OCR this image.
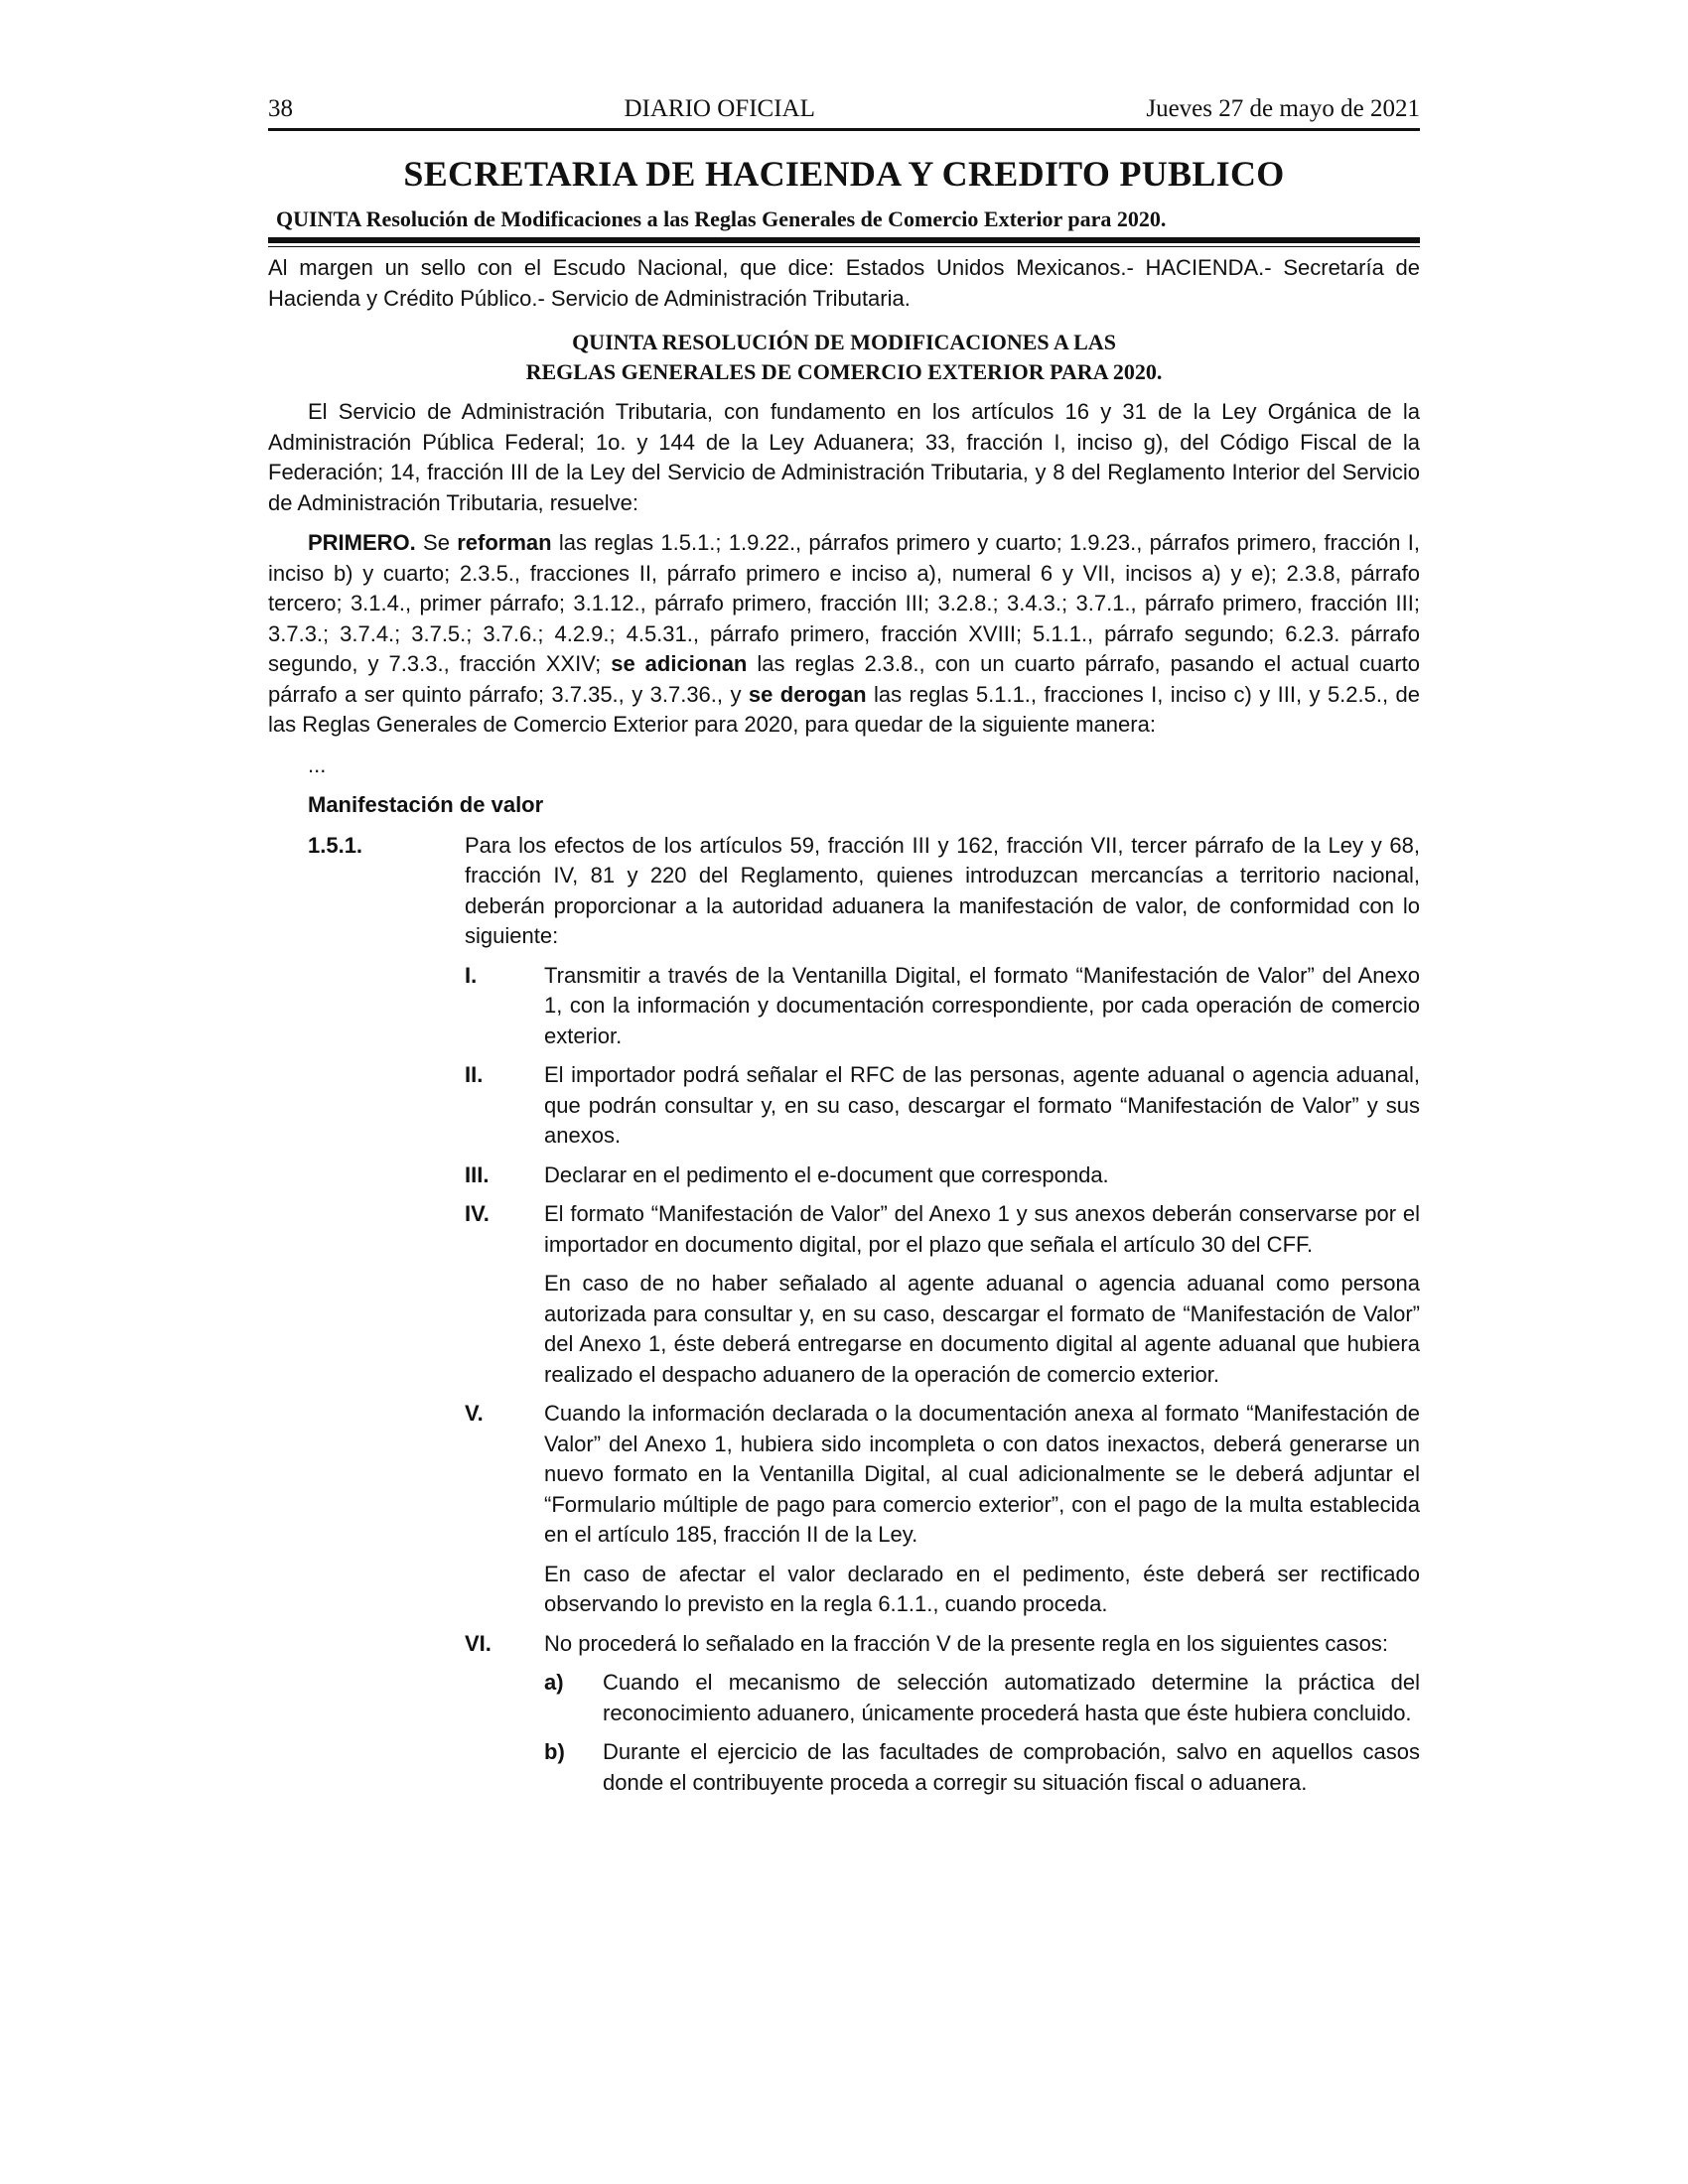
38	DIARIO OFICIAL	Jueves 27 de mayo de 2021
SECRETARIA DE HACIENDA Y CREDITO PUBLICO
QUINTA Resolución de Modificaciones a las Reglas Generales de Comercio Exterior para 2020.

Al margen un sello con el Escudo Nacional, que dice: Estados Unidos Mexicanos.- HACIENDA.- Secretaría de Hacienda y Crédito Público.- Servicio de Administración Tributaria.

QUINTA RESOLUCIÓN DE MODIFICACIONES A LAS
REGLAS GENERALES DE COMERCIO EXTERIOR PARA 2020.

El Servicio de Administración Tributaria, con fundamento en los artículos 16 y 31 de la Ley Orgánica de la Administración Pública Federal; 1o. y 144 de la Ley Aduanera; 33, fracción I, inciso g), del Código Fiscal de la Federación; 14, fracción III de la Ley del Servicio de Administración Tributaria, y 8 del Reglamento Interior del Servicio de Administración Tributaria, resuelve:

PRIMERO. Se reforman las reglas 1.5.1.; 1.9.22., párrafos primero y cuarto; 1.9.23., párrafos primero, fracción I, inciso b) y cuarto; 2.3.5., fracciones II, párrafo primero e inciso a), numeral 6 y VII, incisos a) y e); 2.3.8, párrafo tercero; 3.1.4., primer párrafo; 3.1.12., párrafo primero, fracción III; 3.2.8.; 3.4.3.; 3.7.1., párrafo primero, fracción III; 3.7.3.; 3.7.4.; 3.7.5.; 3.7.6.; 4.2.9.; 4.5.31., párrafo primero, fracción XVIII; 5.1.1., párrafo segundo; 6.2.3. párrafo segundo, y 7.3.3., fracción XXIV; se adicionan las reglas 2.3.8., con un cuarto párrafo, pasando el actual cuarto párrafo a ser quinto párrafo; 3.7.35., y 3.7.36., y se derogan las reglas 5.1.1., fracciones I, inciso c) y III, y 5.2.5., de las Reglas Generales de Comercio Exterior para 2020, para quedar de la siguiente manera:

...
Manifestación de valor
1.5.1.	Para los efectos de los artículos 59, fracción III y 162, fracción VII, tercer párrafo de la Ley y 68, fracción IV, 81 y 220 del Reglamento, quienes introduzcan mercancías a territorio nacional, deberán proporcionar a la autoridad aduanera la manifestación de valor, de conformidad con lo siguiente:

I.	Transmitir a través de la Ventanilla Digital, el formato “Manifestación de Valor” del Anexo 1, con la información y documentación correspondiente, por cada operación de comercio exterior.

II.	El importador podrá señalar el RFC de las personas, agente aduanal o agencia aduanal, que podrán consultar y, en su caso, descargar el formato “Manifestación de Valor” y sus anexos.

III.	Declarar en el pedimento el e-document que corresponda.

IV.	El formato “Manifestación de Valor” del Anexo 1 y sus anexos deberán conservarse por el importador en documento digital, por el plazo que señala el artículo 30 del CFF.

En caso de no haber señalado al agente aduanal o agencia aduanal como persona autorizada para consultar y, en su caso, descargar el formato de “Manifestación de Valor” del Anexo 1, éste deberá entregarse en documento digital al agente aduanal que hubiera realizado el despacho aduanero de la operación de comercio exterior.

V.	Cuando la información declarada o la documentación anexa al formato “Manifestación de Valor” del Anexo 1, hubiera sido incompleta o con datos inexactos, deberá generarse un nuevo formato en la Ventanilla Digital, al cual adicionalmente se le deberá adjuntar el “Formulario múltiple de pago para comercio exterior”, con el pago de la multa establecida en el artículo 185, fracción II de la Ley.

En caso de afectar el valor declarado en el pedimento, éste deberá ser rectificado observando lo previsto en la regla 6.1.1., cuando proceda.

VI.	No procederá lo señalado en la fracción V de la presente regla en los siguientes casos:

a)	Cuando el mecanismo de selección automatizado determine la práctica del reconocimiento aduanero, únicamente procederá hasta que éste hubiera concluido.
b)	Durante el ejercicio de las facultades de comprobación, salvo en aquellos casos donde el contribuyente proceda a corregir su situación fiscal o aduanera.
